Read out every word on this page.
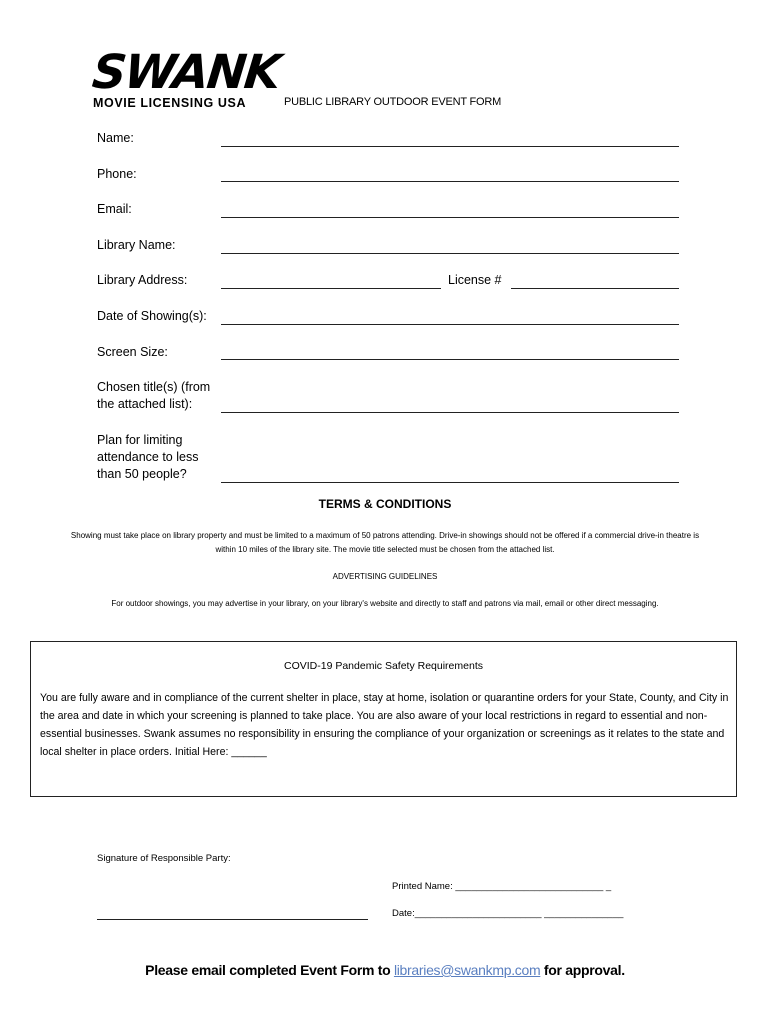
SWANK
MOVIE LICENSING USA	PUBLIC LIBRARY OUTDOOR EVENT FORM
Name:
Phone:
Email:
Library Name:
Library Address:	License #
Date of Showing(s):
Screen Size:
Chosen title(s) (from the attached list):
Plan for limiting attendance to less than 50 people?
TERMS & CONDITIONS
Showing must take place on library property and must be limited to a maximum of 50 patrons attending. Drive-in showings should not be offered if a commercial drive-in theatre is within 10 miles of the library site. The movie title selected must be chosen from the attached list.
ADVERTISING GUIDELINES
For outdoor showings, you may advertise in your library, on your library's website and directly to staff and patrons via mail, email or other direct messaging.
COVID-19 Pandemic Safety Requirements
You are fully aware and in compliance of the current shelter in place, stay at home, isolation or quarantine orders for your State, County, and City in the area and date in which your screening is planned to take place. You are also aware of your local restrictions in regard to essential and non-essential businesses. Swank assumes no responsibility in ensuring the compliance of your organization or screenings as it relates to the state and local shelter in place orders. Initial Here: ______
Signature of Responsible Party:
Printed Name: ____________________________ _
Date:________________________ _______________
Please email completed Event Form to libraries@swankmp.com for approval.
